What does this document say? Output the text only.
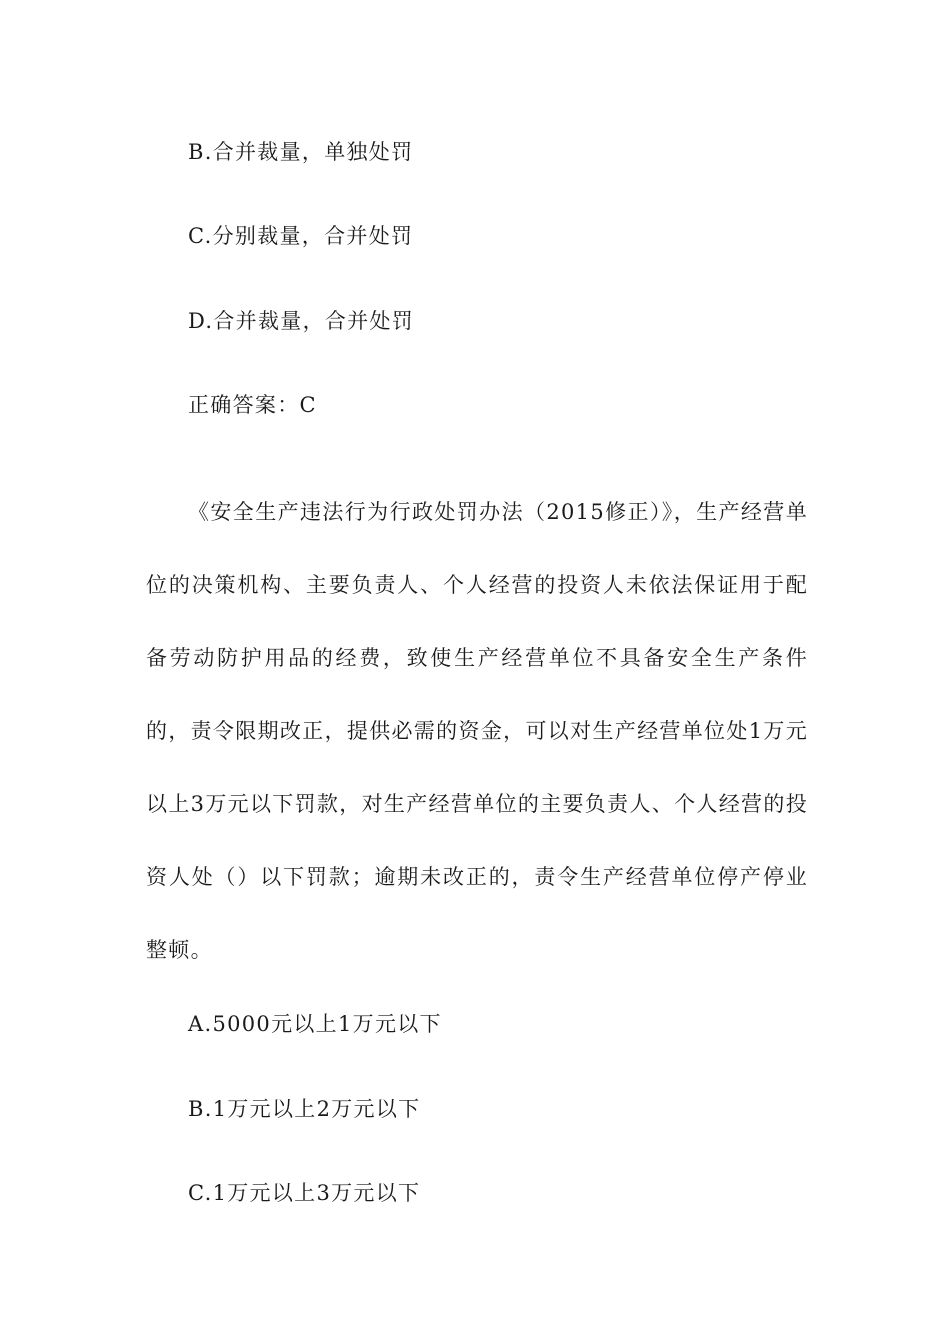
B.合并裁量，单独处罚
C.分别裁量，合并处罚
D.合并裁量，合并处罚
正确答案：C
《安全生产违法行为行政处罚办法（2015修正）》，生产经营单位的决策机构、主要负责人、个人经营的投资人未依法保证用于配备劳动防护用品的经费，致使生产经营单位不具备安全生产条件的，责令限期改正，提供必需的资金，可以对生产经营单位处1万元以上3万元以下罚款，对生产经营单位的主要负责人、个人经营的投资人处（）以下罚款；逾期未改正的，责令生产经营单位停产停业整顿。
A.5000元以上1万元以下
B.1万元以上2万元以下
C.1万元以上3万元以下
